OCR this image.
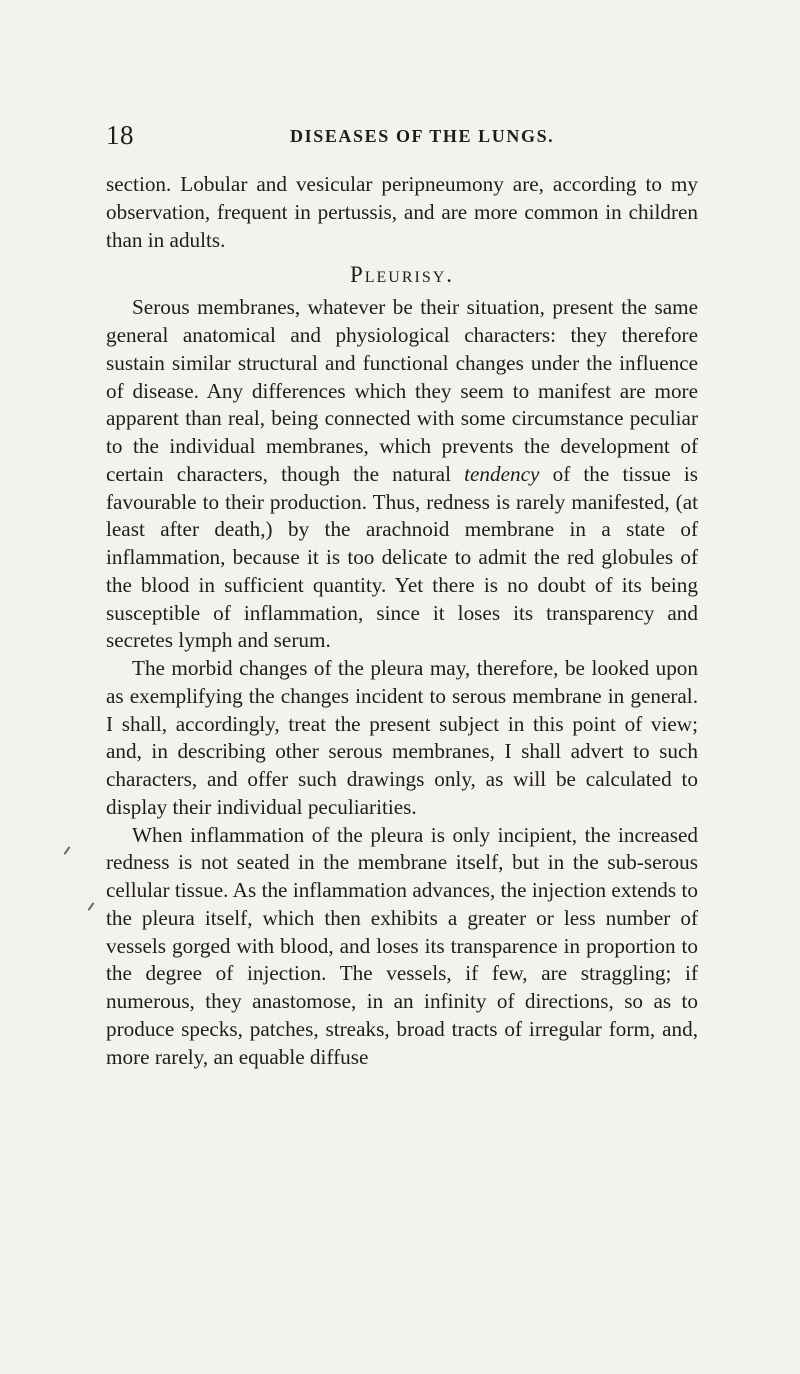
18	DISEASES OF THE LUNGS.

section. Lobular and vesicular peripneumony are, according to my observation, frequent in pertussis, and are more common in children than in adults.

Pleurisy.

Serous membranes, whatever be their situation, present the same general anatomical and physiological characters: they therefore sustain similar structural and functional changes under the influence of disease. Any differences which they seem to manifest are more apparent than real, being connected with some circumstance peculiar to the individual membranes, which prevents the development of certain characters, though the natural tendency of the tissue is favourable to their production. Thus, redness is rarely manifested, (at least after death,) by the arachnoid membrane in a state of inflammation, because it is too delicate to admit the red globules of the blood in sufficient quantity. Yet there is no doubt of its being susceptible of inflammation, since it loses its transparency and secretes lymph and serum.

The morbid changes of the pleura may, therefore, be looked upon as exemplifying the changes incident to serous membrane in general. I shall, accordingly, treat the present subject in this point of view; and, in describing other serous membranes, I shall advert to such characters, and offer such drawings only, as will be calculated to display their individual peculiarities.

When inflammation of the pleura is only incipient, the increased redness is not seated in the membrane itself, but in the sub-serous cellular tissue. As the inflammation advances, the injection extends to the pleura itself, which then exhibits a greater or less number of vessels gorged with blood, and loses its transparence in proportion to the degree of injection. The vessels, if few, are straggling; if numerous, they anastomose, in an infinity of directions, so as to produce specks, patches, streaks, broad tracts of irregular form, and, more rarely, an equable diffuse
